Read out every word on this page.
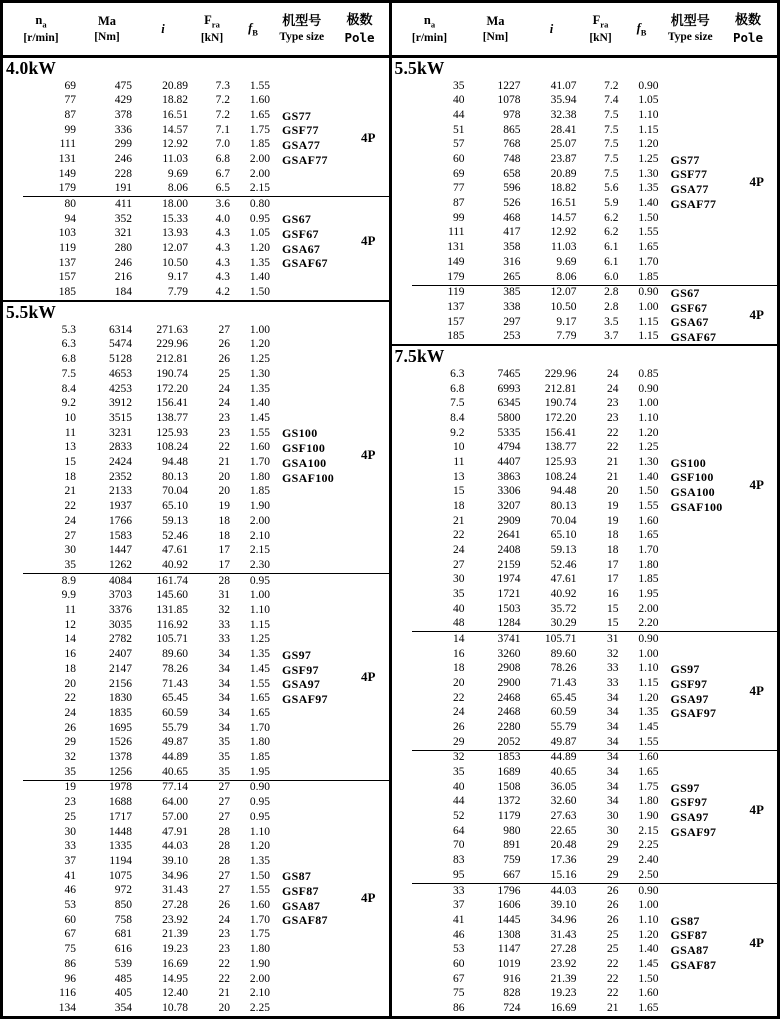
$n_a$
[r/min]
Ma
[Nm]
i
$F_{ra}$
[kN]
$f_B$
机型号
Type size
极数
Pole
4.0kW
69	475	20.89	7.3	1.55
77	429	18.82	7.2	1.60
87	378	16.51	7.2	1.65	GS77
99	336	14.57	7.1	1.75	GSF77
111	299	12.92	7.0	1.85	GSA77
131	246	11.03	6.8	2.00	GSAF77
149	228	9.69	6.7	2.00
179	191	8.06	6.5	2.15
4P
80	411	18.00	3.6	0.80
94	352	15.33	4.0	0.95	GS67
103	321	13.93	4.3	1.05	GSF67
119	280	12.07	4.3	1.20	GSA67
137	246	10.50	4.3	1.35	GSAF67
157	216	9.17	4.3	1.40
185	184	7.79	4.2	1.50
4P
5.5kW
5.3	6314	271.63	27	1.00
6.3	5474	229.96	26	1.20
6.8	5128	212.81	26	1.25
7.5	4653	190.74	25	1.30
8.4	4253	172.20	24	1.35
9.2	3912	156.41	24	1.40
10	3515	138.77	23	1.45
11	3231	125.93	23	1.55	GS100
13	2833	108.24	22	1.60	GSF100
15	2424	94.48	21	1.70	GSA100
18	2352	80.13	20	1.80	GSAF100
21	2133	70.04	20	1.85
22	1937	65.10	19	1.90
24	1766	59.13	18	2.00
27	1583	52.46	18	2.10
30	1447	47.61	17	2.15
35	1262	40.92	17	2.30
4P
8.9	4084	161.74	28	0.95
9.9	3703	145.60	31	1.00
11	3376	131.85	32	1.10
12	3035	116.92	33	1.15
14	2782	105.71	33	1.25
16	2407	89.60	34	1.35	GS97
18	2147	78.26	34	1.45	GSF97
20	2156	71.43	34	1.55	GSA97
22	1830	65.45	34	1.65	GSAF97
24	1835	60.59	34	1.65
26	1695	55.79	34	1.70
29	1526	49.87	35	1.80
32	1378	44.89	35	1.85
35	1256	40.65	35	1.95
4P
19	1978	77.14	27	0.90
23	1688	64.00	27	0.95
25	1717	57.00	27	0.95
30	1448	47.91	28	1.10
33	1335	44.03	28	1.20
37	1194	39.10	28	1.35
41	1075	34.96	27	1.50	GS87
46	972	31.43	27	1.55	GSF87
53	850	27.28	26	1.60	GSA87
60	758	23.92	24	1.70	GSAF87
67	681	21.39	23	1.75
75	616	19.23	23	1.80
86	539	16.69	22	1.90
96	485	14.95	22	2.00
116	405	12.40	21	2.10
134	354	10.78	20	2.25
4P
$n_a$
[r/min]
Ma
[Nm]
i
$F_{ra}$
[kN]
$f_B$
机型号
Type size
极数
Pole
5.5kW
35	1227	41.07	7.2	0.90
40	1078	35.94	7.4	1.05
44	978	32.38	7.5	1.10
51	865	28.41	7.5	1.15
57	768	25.07	7.5	1.20
60	748	23.87	7.5	1.25	GS77
69	658	20.89	7.5	1.30	GSF77
77	596	18.82	5.6	1.35	GSA77
87	526	16.51	5.9	1.40	GSAF77
99	468	14.57	6.2	1.50
111	417	12.92	6.2	1.55
131	358	11.03	6.1	1.65
149	316	9.69	6.1	1.70
179	265	8.06	6.0	1.85
4P
119	385	12.07	2.8	0.90	GS67
137	338	10.50	2.8	1.00	GSF67
157	297	9.17	3.5	1.15	GSA67
185	253	7.79	3.7	1.15	GSAF67
4P
7.5kW
6.3	7465	229.96	24	0.85
6.8	6993	212.81	24	0.90
7.5	6345	190.74	23	1.00
8.4	5800	172.20	23	1.10
9.2	5335	156.41	22	1.20
10	4794	138.77	22	1.25
11	4407	125.93	21	1.30	GS100
13	3863	108.24	21	1.40	GSF100
15	3306	94.48	20	1.50	GSA100
18	3207	80.13	19	1.55	GSAF100
21	2909	70.04	19	1.60
22	2641	65.10	18	1.65
24	2408	59.13	18	1.70
27	2159	52.46	17	1.80
30	1974	47.61	17	1.85
35	1721	40.92	16	1.95
40	1503	35.72	15	2.00
48	1284	30.29	15	2.20
4P
14	3741	105.71	31	0.90
16	3260	89.60	32	1.00
18	2908	78.26	33	1.10	GS97
20	2900	71.43	33	1.15	GSF97
22	2468	65.45	34	1.20	GSA97
24	2468	60.59	34	1.35	GSAF97
26	2280	55.79	34	1.45
29	2052	49.87	34	1.55
4P
32	1853	44.89	34	1.60
35	1689	40.65	34	1.65
40	1508	36.05	34	1.75	GS97
44	1372	32.60	34	1.80	GSF97
52	1179	27.63	30	1.90	GSA97
64	980	22.65	30	2.15	GSAF97
70	891	20.48	29	2.25
83	759	17.36	29	2.40
95	667	15.16	29	2.50
4P
33	1796	44.03	26	0.90
37	1606	39.10	26	1.00
41	1445	34.96	26	1.10	GS87
46	1308	31.43	25	1.20	GSF87
53	1147	27.28	25	1.40	GSA87
60	1019	23.92	22	1.45	GSAF87
67	916	21.39	22	1.50
75	828	19.23	22	1.60
86	724	16.69	21	1.65
4P
